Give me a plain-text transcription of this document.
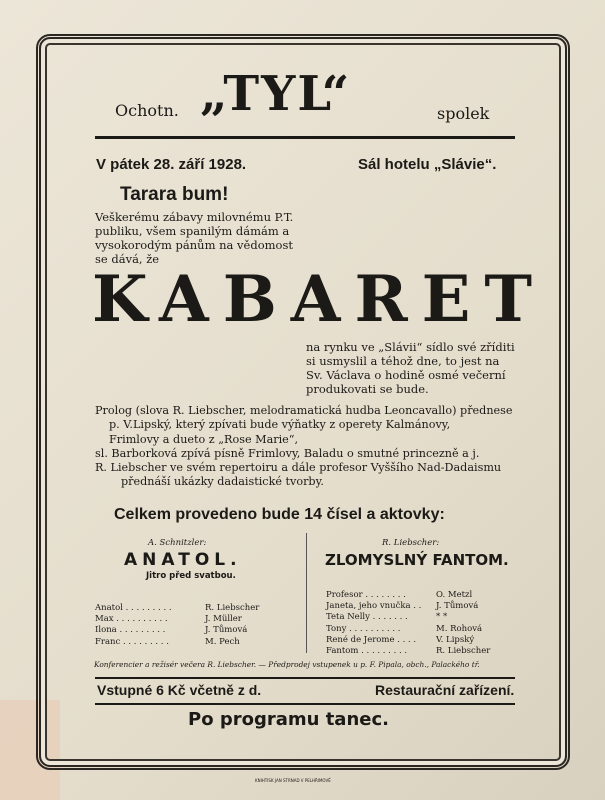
Ochotn. „TYL“	spolek
V pátek 28. září 1928.	Sál hotelu „Slávie“.
Tarara bum!
Veškerému zábavy milovnému P.T.
publiku, všem spanilým dámám a
vysokorodým pánům na vědomost
se dává, že
KABARET
na rynku ve „Slávii“ sídlo své zříditi
si usmyslil a téhož dne, to jest na
Sv. Václava o hodině osmé večerní
produkovati se bude.
Prolog (slova R. Liebscher, melodramatická hudba Leoncavallo) přednese
p. V.Lipský, který zpívati bude výňatky z operety Kalmánovy,
Frimlovy a dueto z „Rose Marie“,
sl. Barborková zpívá písně Frimlovy, Baladu o smutné princezně a j.
R. Liebscher ve svém repertoiru a dále profesor Vyššího Nad-Dadaismu
přednáší ukázky dadaistické tvorby.
Celkem provedeno bude 14 čísel a aktovky:
A. Schnitzler:
ANATOL.
Jitro před svatbou.
Anatol . . . . . . . . .	R. Liebscher
Max . . . . . . . . . .	J. Müller
Ilona . . . . . . . . .	J. Tůmová
Franc . . . . . . . . .	M. Pech
R. Liebscher:
ZLOMYSLNÝ FANTOM.
Profesor . . . . . . . .	O. Metzl
Janeta, jeho vnučka . .	J. Tůmová
Teta Nelly . . . . . . .	* *
Tony . . . . . . . . . .	M. Rohová
René de Jerome . . . .	V. Lipský
Fantom . . . . . . . . .	R. Liebscher
Konferencier a režisér večera R. Liebscher. — Předprodej vstupenek u p. F. Pipala, obch., Palackého tř.
Vstupné 6 Kč včetně z d.	Restaurační zařízení.
Po programu tanec.
KNIHTISK JAN STRNAD V PELHŘIMOVĚ
